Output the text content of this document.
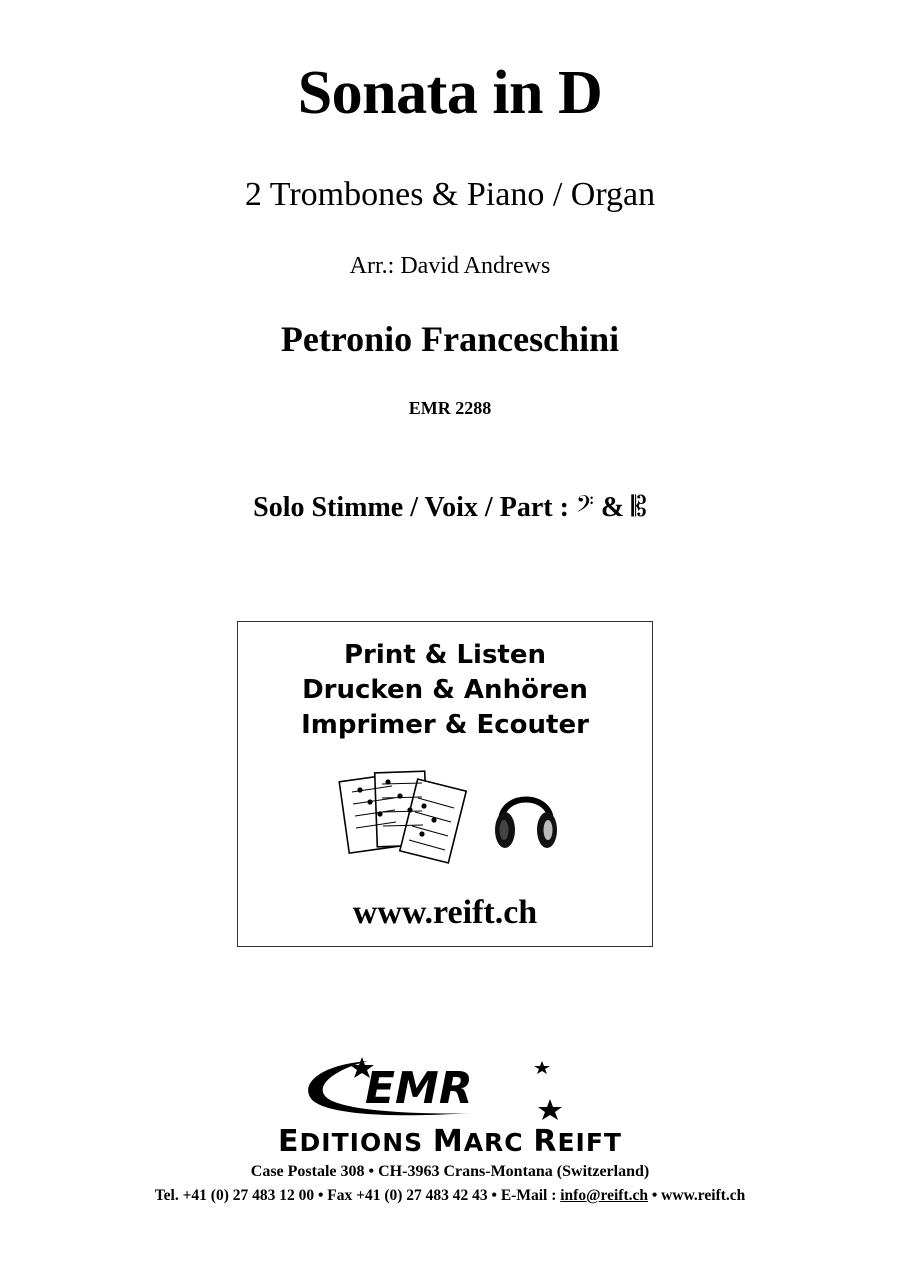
Sonata in D
2 Trombones & Piano / Organ
Arr.: David Andrews
Petronio Franceschini
EMR 2288
Solo Stimme / Voix / Part : 𝄢 & 𝄡
Print & Listen
Drucken & Anhören
Imprimer & Ecouter
www.reift.ch
EMR
EDITIONS MARC REIFT
Case Postale 308 • CH-3963 Crans-Montana (Switzerland)
Tel. +41 (0) 27 483 12 00 • Fax +41 (0) 27 483 42 43 • E-Mail : info@reift.ch • www.reift.ch
